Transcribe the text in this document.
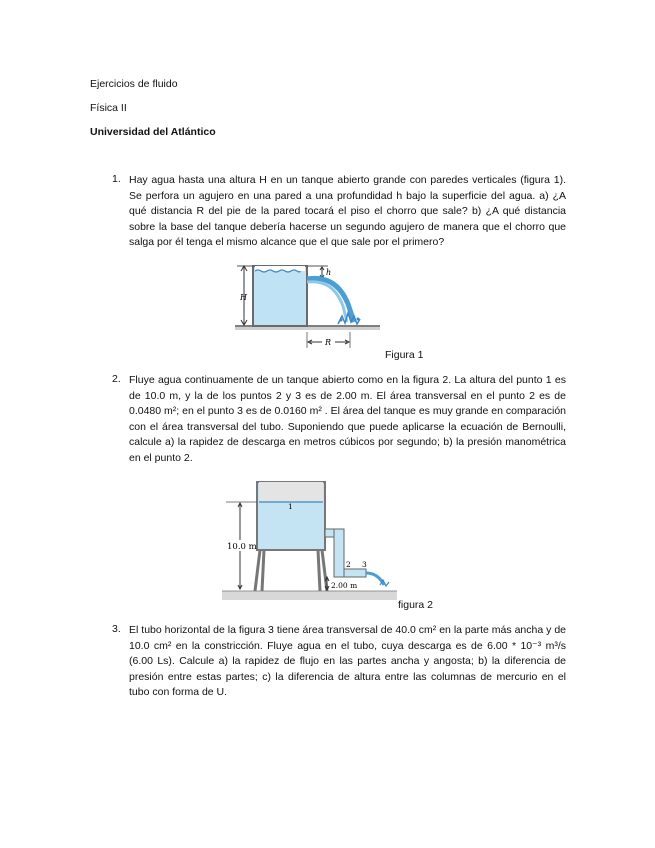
Ejercicios de fluido
Física II
Universidad del Atlántico
1. Hay agua hasta una altura H en un tanque abierto grande con paredes verticales (figura 1). Se perfora un agujero en una pared a una profundidad h bajo la superficie del agua. a) ¿A qué distancia R del pie de la pared tocará el piso el chorro que sale? b) ¿A qué distancia sobre la base del tanque debería hacerse un segundo agujero de manera que el chorro que salga por él tenga el mismo alcance que el que sale por el primero?
H
h
R
Figura 1
2. Fluye agua continuamente de un tanque abierto como en la figura 2. La altura del punto 1 es de 10.0 m, y la de los puntos 2 y 3 es de 2.00 m. El área transversal en el punto 2 es de 0.0480 m²; en el punto 3 es de 0.0160 m² . El área del tanque es muy grande en comparación con el área transversal del tubo. Suponiendo que puede aplicarse la ecuación de Bernoulli, calcule a) la rapidez de descarga en metros cúbicos por segundo; b) la presión manométrica en el punto 2.
10.0 m
1
2 3
2.00 m
figura 2
3. El tubo horizontal de la figura 3 tiene área transversal de 40.0 cm² en la parte más ancha y de 10.0 cm² en la constricción. Fluye agua en el tubo, cuya descarga es de 6.00 * 10⁻³ m³/s (6.00 Ls). Calcule a) la rapidez de flujo en las partes ancha y angosta; b) la diferencia de presión entre estas partes; c) la diferencia de altura entre las columnas de mercurio en el tubo con forma de U.
